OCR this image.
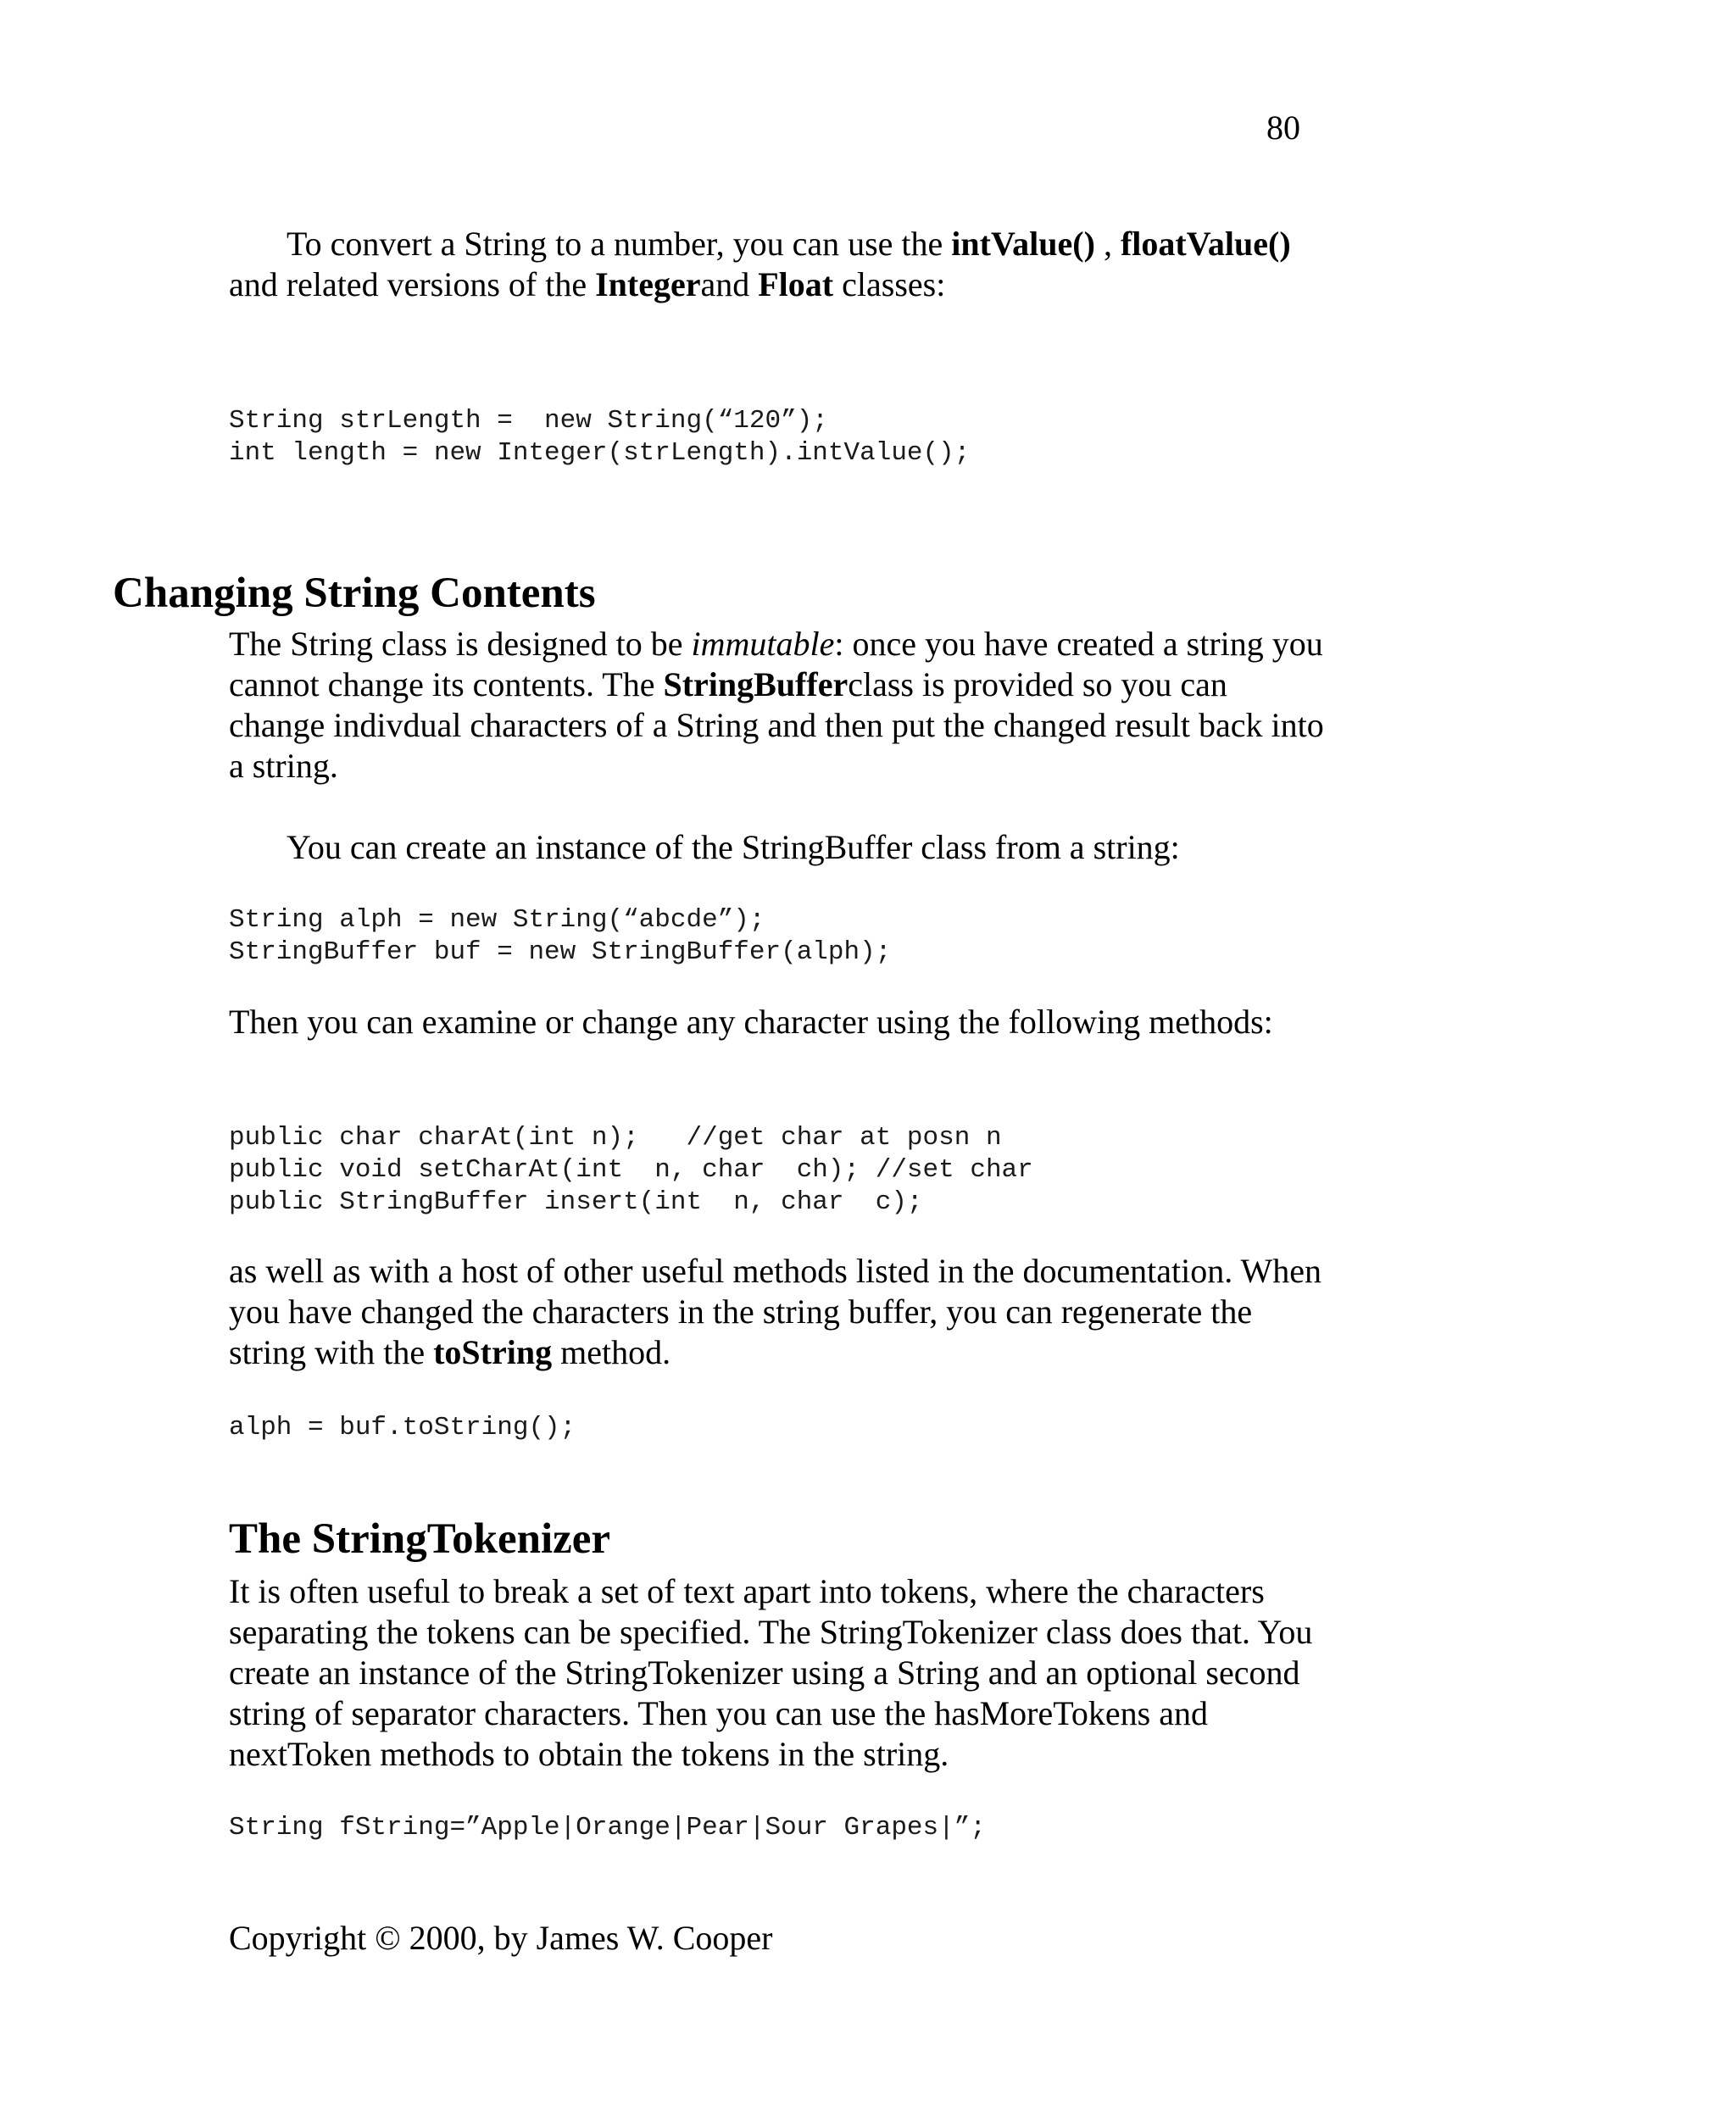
80

To convert a String to a number, you can use the intValue() , floatValue() and related versions of the Integerand Float classes:

String strLength =  new String(“120”);
int length = new Integer(strLength).intValue();
Changing String Contents

The String class is designed to be immutable: once you have created a string you cannot change its contents. The StringBufferclass is provided so you can change indivdual characters of a String and then put the changed result back into a string.

You can create an instance of the StringBuffer class from a string:

String alph = new String(“abcde”);
StringBuffer buf = new StringBuffer(alph);

Then you can examine or change any character using the following methods:

public char charAt(int n);   //get char at posn n
public void setCharAt(int  n, char  ch); //set char
public StringBuffer insert(int  n, char  c);

as well as with a host of other useful methods listed in the documentation. When you have changed the characters in the string buffer, you can regenerate the string with the toString method.

alph = buf.toString();
The StringTokenizer

It is often useful to break a set of text apart into tokens, where the characters separating the tokens can be specified. The StringTokenizer class does that. You create an instance of the StringTokenizer using a String and an optional second string of separator characters. Then you can use the hasMoreTokens and nextToken methods to obtain the tokens in the string.

String fString=”Apple|Orange|Pear|Sour Grapes|”;
Copyright © 2000, by James W. Cooper
